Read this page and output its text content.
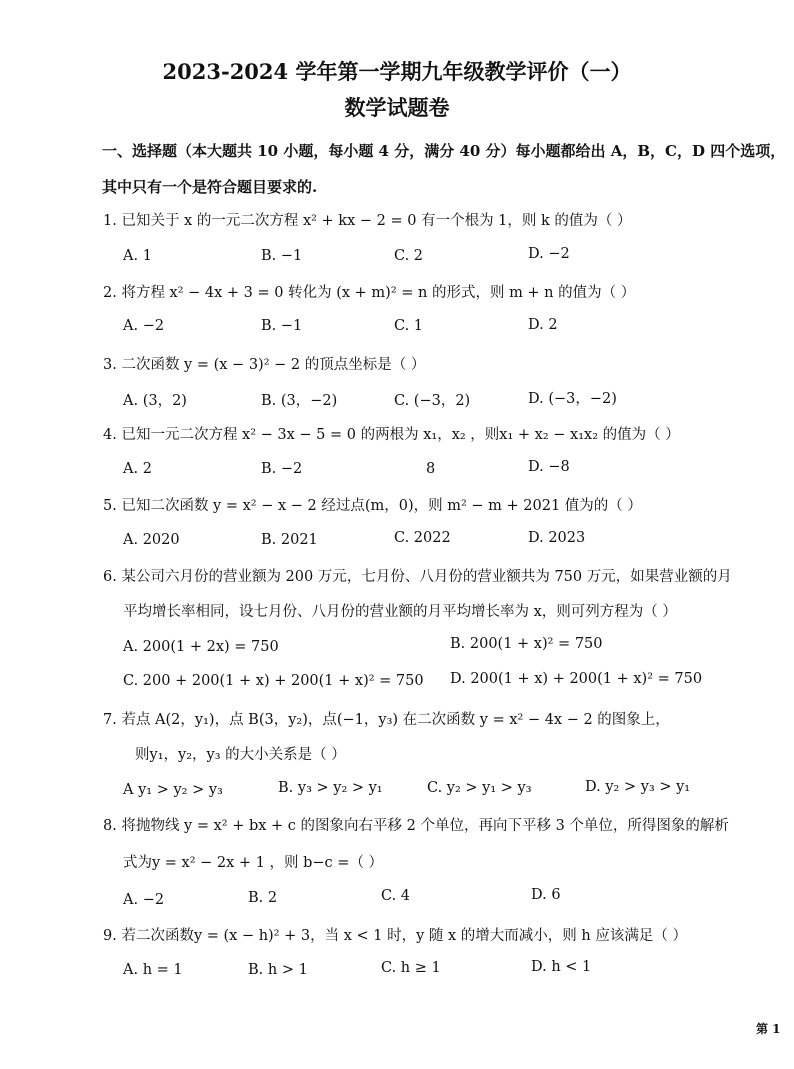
2023-2024 学年第一学期九年级教学评价（一）
数学试题卷
一、选择题（本大题共 10 小题，每小题 4 分，满分 40 分）每小题都给出 A，B，C，D 四个选项，
其中只有一个是符合题目要求的.
1. 已知关于 x 的一元二次方程 x² + kx − 2 = 0 有一个根为 1，则 k 的值为（ ）
A. 1	B. −1	C. 2	D. −2
2. 将方程 x² − 4x + 3 = 0 转化为 (x + m)² = n 的形式，则 m + n 的值为（ ）
A. −2	B. −1	C. 1	D. 2
3. 二次函数 y = (x − 3)² − 2 的顶点坐标是（ ）
A. (3，2)	B. (3，−2)	C. (−3，2)	D. (−3，−2)
4. 已知一元二次方程 x² − 3x − 5 = 0 的两根为 x₁，x₂ ，则x₁ + x₂ − x₁x₂ 的值为（ ）
A. 2	B. −2	8	D. −8
5. 已知二次函数 y = x² − x − 2 经过点(m，0)，则 m² − m + 2021 值为的（ ）
A. 2020	B. 2021	C. 2022	D. 2023
6. 某公司六月份的营业额为 200 万元，七月份、八月份的营业额共为 750 万元，如果营业额的月
平均增长率相同，设七月份、八月份的营业额的月平均增长率为 x，则可列方程为（ ）
A. 200(1 + 2x) = 750	B. 200(1 + x)² = 750
C. 200 + 200(1 + x) + 200(1 + x)² = 750 D. 200(1 + x) + 200(1 + x)² = 750
7. 若点 A(2，y₁)，点 B(3，y₂)，点(−1，y₃) 在二次函数 y = x² − 4x − 2 的图象上，
则y₁，y₂，y₃ 的大小关系是（ ）
A y₁ > y₂ > y₃	B. y₃ > y₂ > y₁	C. y₂ > y₁ > y₃	D. y₂ > y₃ > y₁
8. 将抛物线 y = x² + bx + c 的图象向右平移 2 个单位，再向下平移 3 个单位，所得图象的解析
式为y = x² − 2x + 1 ，则 b−c =（ ）
A. −2	B. 2	C. 4	D. 6
9. 若二次函数y = (x − h)² + 3，当 x < 1 时，y 随 x 的增大而减小，则 h 应该满足（ ）
A. h = 1	B. h > 1	C. h ≥ 1	D. h < 1
第 1
